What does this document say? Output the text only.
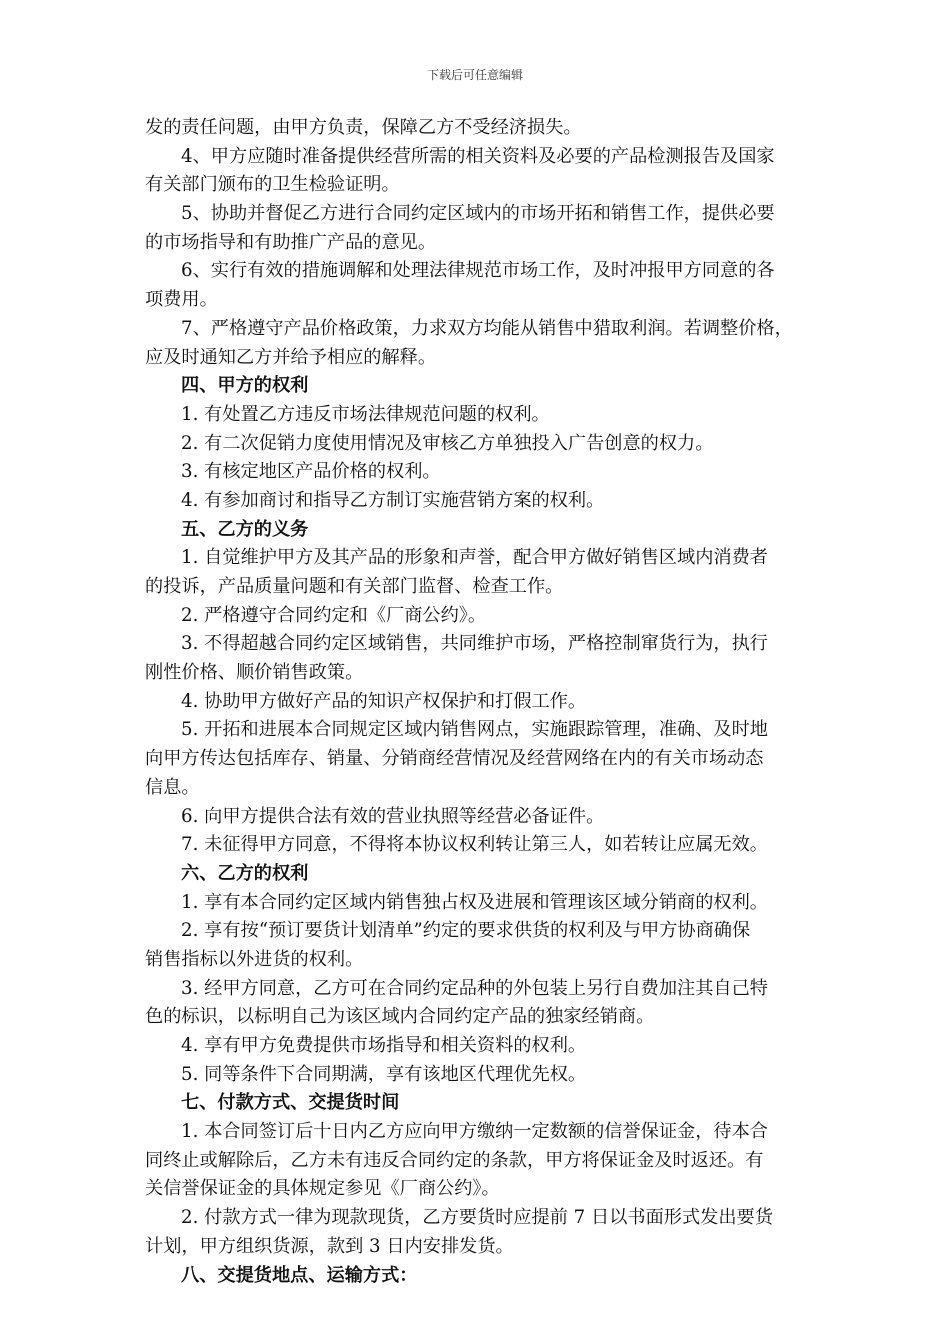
下载后可任意编辑
发的责任问题，由甲方负责，保障乙方不受经济损失。
4、甲方应随时准备提供经营所需的相关资料及必要的产品检测报告及国家
有关部门颁布的卫生检验证明。
5、协助并督促乙方进行合同约定区域内的市场开拓和销售工作，提供必要
的市场指导和有助推广产品的意见。
6、实行有效的措施调解和处理法律规范市场工作，及时冲报甲方同意的各
项费用。
7、严格遵守产品价格政策，力求双方均能从销售中猎取利润。若调整价格，
应及时通知乙方并给予相应的解释。
四、甲方的权利
1. 有处置乙方违反市场法律规范问题的权利。
2. 有二次促销力度使用情况及审核乙方单独投入广告创意的权力。
3. 有核定地区产品价格的权利。
4. 有参加商讨和指导乙方制订实施营销方案的权利。
五、乙方的义务
1. 自觉维护甲方及其产品的形象和声誉，配合甲方做好销售区域内消费者
的投诉，产品质量问题和有关部门监督、检查工作。
2. 严格遵守合同约定和《厂商公约》。
3. 不得超越合同约定区域销售，共同维护市场，严格控制窜货行为，执行
刚性价格、顺价销售政策。
4. 协助甲方做好产品的知识产权保护和打假工作。
5. 开拓和进展本合同规定区域内销售网点，实施跟踪管理，准确、及时地
向甲方传达包括库存、销量、分销商经营情况及经营网络在内的有关市场动态
信息。
6. 向甲方提供合法有效的营业执照等经营必备证件。
7. 未征得甲方同意，不得将本协议权利转让第三人，如若转让应属无效。
六、乙方的权利
1. 享有本合同约定区域内销售独占权及进展和管理该区域分销商的权利。
2. 享有按“预订要货计划清单”约定的要求供货的权利及与甲方协商确保
销售指标以外进货的权利。
3. 经甲方同意，乙方可在合同约定品种的外包装上另行自费加注其自己特
色的标识，以标明自己为该区域内合同约定产品的独家经销商。
4. 享有甲方免费提供市场指导和相关资料的权利。
5. 同等条件下合同期满，享有该地区代理优先权。
七、付款方式、交提货时间
1. 本合同签订后十日内乙方应向甲方缴纳一定数额的信誉保证金，待本合
同终止或解除后，乙方未有违反合同约定的条款，甲方将保证金及时返还。有
关信誉保证金的具体规定参见《厂商公约》。
2. 付款方式一律为现款现货，乙方要货时应提前 7 日以书面形式发出要货
计划，甲方组织货源，款到 3 日内安排发货。
八、交提货地点、运输方式：
